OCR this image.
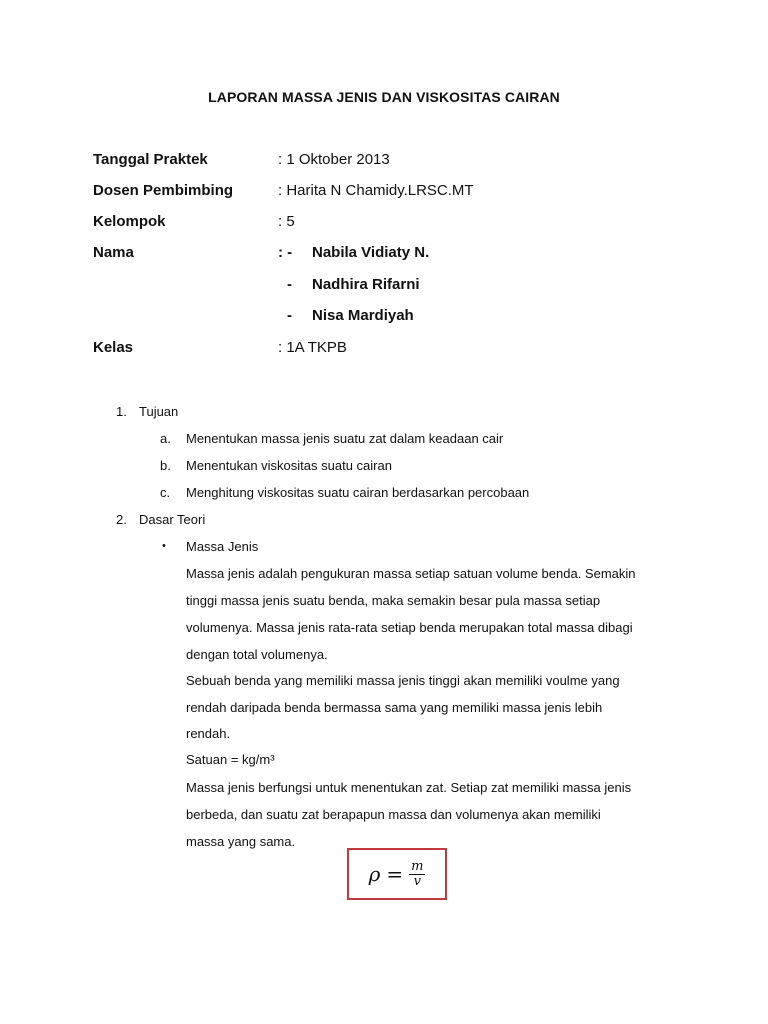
LAPORAN MASSA JENIS DAN VISKOSITAS CAIRAN
Tanggal Praktek	: 1 Oktober 2013
Dosen Pembimbing	: Harita N Chamidy.LRSC.MT
Kelompok	: 5
Nama	: - Nabila Vidiaty N.
- Nadhira Rifarni
- Nisa Mardiyah
Kelas	: 1A TKPB
1. Tujuan
a. Menentukan massa jenis suatu zat dalam keadaan cair
b. Menentukan viskositas suatu cairan
c. Menghitung viskositas suatu cairan berdasarkan percobaan
2. Dasar Teori
• Massa Jenis
Massa jenis adalah pengukuran massa setiap satuan volume benda. Semakin
tinggi massa jenis suatu benda, maka semakin besar pula massa setiap
volumenya. Massa jenis rata-rata setiap benda merupakan total massa dibagi
dengan total volumenya.
Sebuah benda yang memiliki massa jenis tinggi akan memiliki voulme yang
rendah daripada benda bermassa sama yang memiliki massa jenis lebih
rendah.
Satuan = kg/m³
Massa jenis berfungsi untuk menentukan zat. Setiap zat memiliki massa jenis
berbeda, dan suatu zat berapapun massa dan volumenya akan memiliki
massa yang sama.
$\rho = \frac{m}{v}$
